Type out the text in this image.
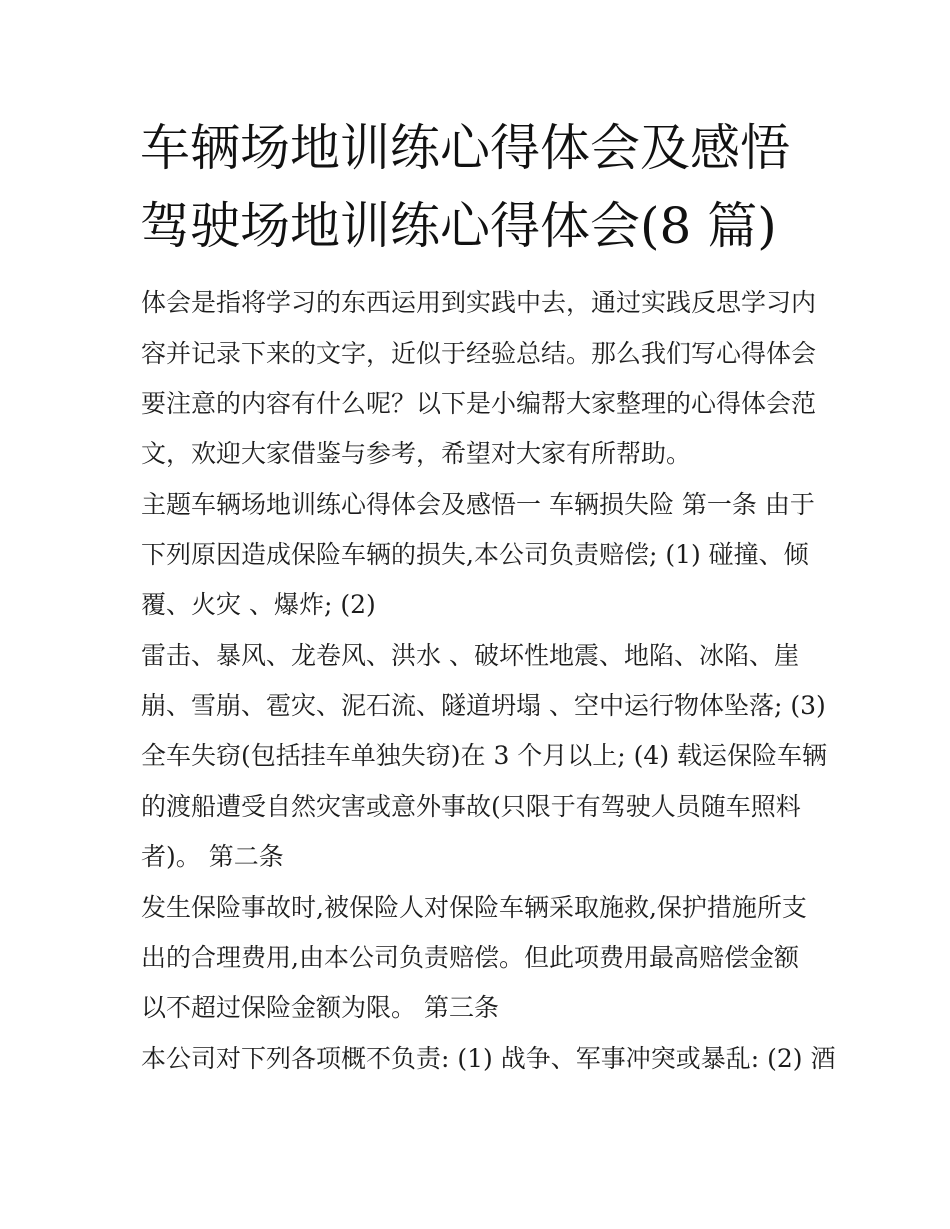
车辆场地训练心得体会及感悟
驾驶场地训练心得体会(8 篇)
体会是指将学习的东西运用到实践中去，通过实践反思学习内
容并记录下来的文字，近似于经验总结。那么我们写心得体会
要注意的内容有什么呢？以下是小编帮大家整理的心得体会范
文，欢迎大家借鉴与参考，希望对大家有所帮助。
主题车辆场地训练心得体会及感悟一 车辆损失险 第一条 由于
下列原因造成保险车辆的损失,本公司负责赔偿; (1) 碰撞、倾
覆、火灾 、爆炸; (2)
雷击、暴风、龙卷风、洪水 、破坏性地震、地陷、冰陷、崖
崩、雪崩、雹灾、泥石流、隧道坍塌 、空中运行物体坠落; (3)
全车失窃(包括挂车单独失窃)在 3 个月以上; (4) 载运保险车辆
的渡船遭受自然灾害或意外事故(只限于有驾驶人员随车照料
者)。 第二条
发生保险事故时,被保险人对保险车辆采取施救,保护措施所支
出的合理费用,由本公司负责赔偿。但此项费用最高赔偿金额
以不超过保险金额为限。 第三条
本公司对下列各项概不负责: (1) 战争、军事冲突或暴乱: (2) 酒
